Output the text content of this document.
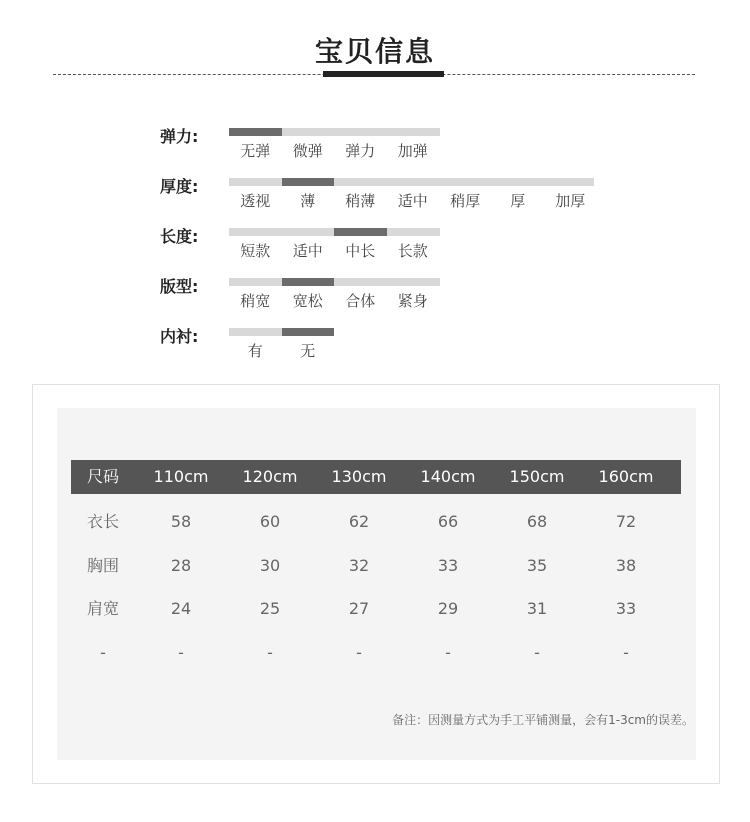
宝贝信息
弹力:
无弹	微弹	弹力	加弹
厚度:
透视	薄	稍薄	适中	稍厚	厚	加厚
长度:
短款	适中	中长	长款
版型:
稍宽	宽松	合体	紧身
内衬:
有	无
尺码	110cm	120cm	130cm	140cm	150cm	160cm
衣长	58	60	62	66	68	72
胸围	28	30	32	33	35	38
肩宽	24	25	27	29	31	33
-	-	-	-	-	-	-
备注：因测量方式为手工平铺测量，会有1-3cm的误差。
